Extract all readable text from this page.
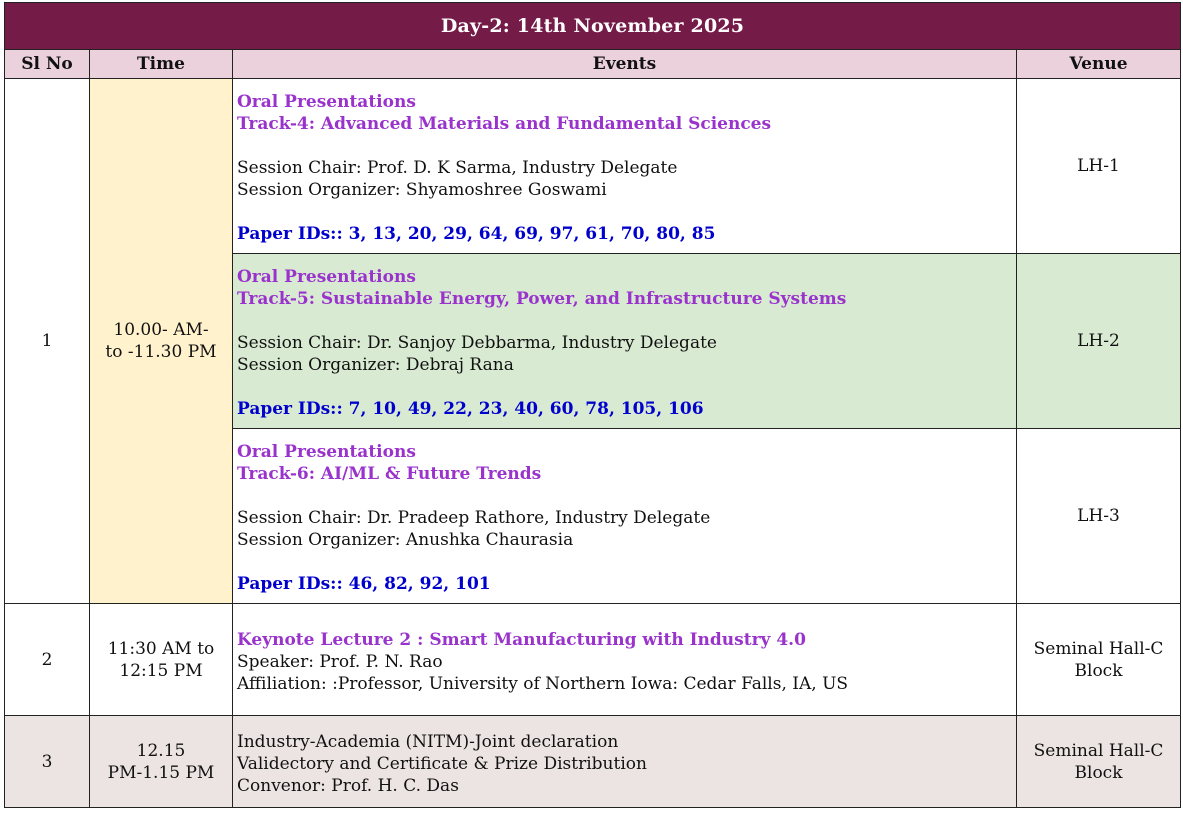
Day-2: 14th November 2025			
Sl No	Time	Events	Venue
1	10.00- AM-
to -11.30 PM	Oral Presentations
Track-4: Advanced Materials and Fundamental Sciences
Session Chair: Prof. D. K Sarma, Industry Delegate
Session Organizer: Shyamoshree Goswami
Paper IDs:: 3, 13, 20, 29, 64, 69, 97, 61, 70, 80, 85	LH-1

		Oral Presentations
Track-5: Sustainable Energy, Power, and Infrastructure Systems
Session Chair: Dr. Sanjoy Debbarma, Industry Delegate
Session Organizer: Debraj Rana
Paper IDs:: 7, 10, 49, 22, 23, 40, 60, 78, 105, 106	LH-2

		Oral Presentations
Track-6: AI/ML & Future Trends
Session Chair: Dr. Pradeep Rathore, Industry Delegate
Session Organizer: Anushka Chaurasia
Paper IDs:: 46, 82, 92, 101	LH-3
2	11:30 AM to
12:15 PM	Keynote Lecture 2 : Smart Manufacturing with Industry 4.0
Speaker: Prof. P. N. Rao
Affiliation: :Professor, University of Northern Iowa: Cedar Falls, IA, US	Seminal Hall-C
Block

3	12.15
PM-1.15 PM	Industry-Academia (NITM)-Joint declaration
Validectory and Certificate & Prize Distribution
Convenor: Prof. H. C. Das	Seminal Hall-C
Block
